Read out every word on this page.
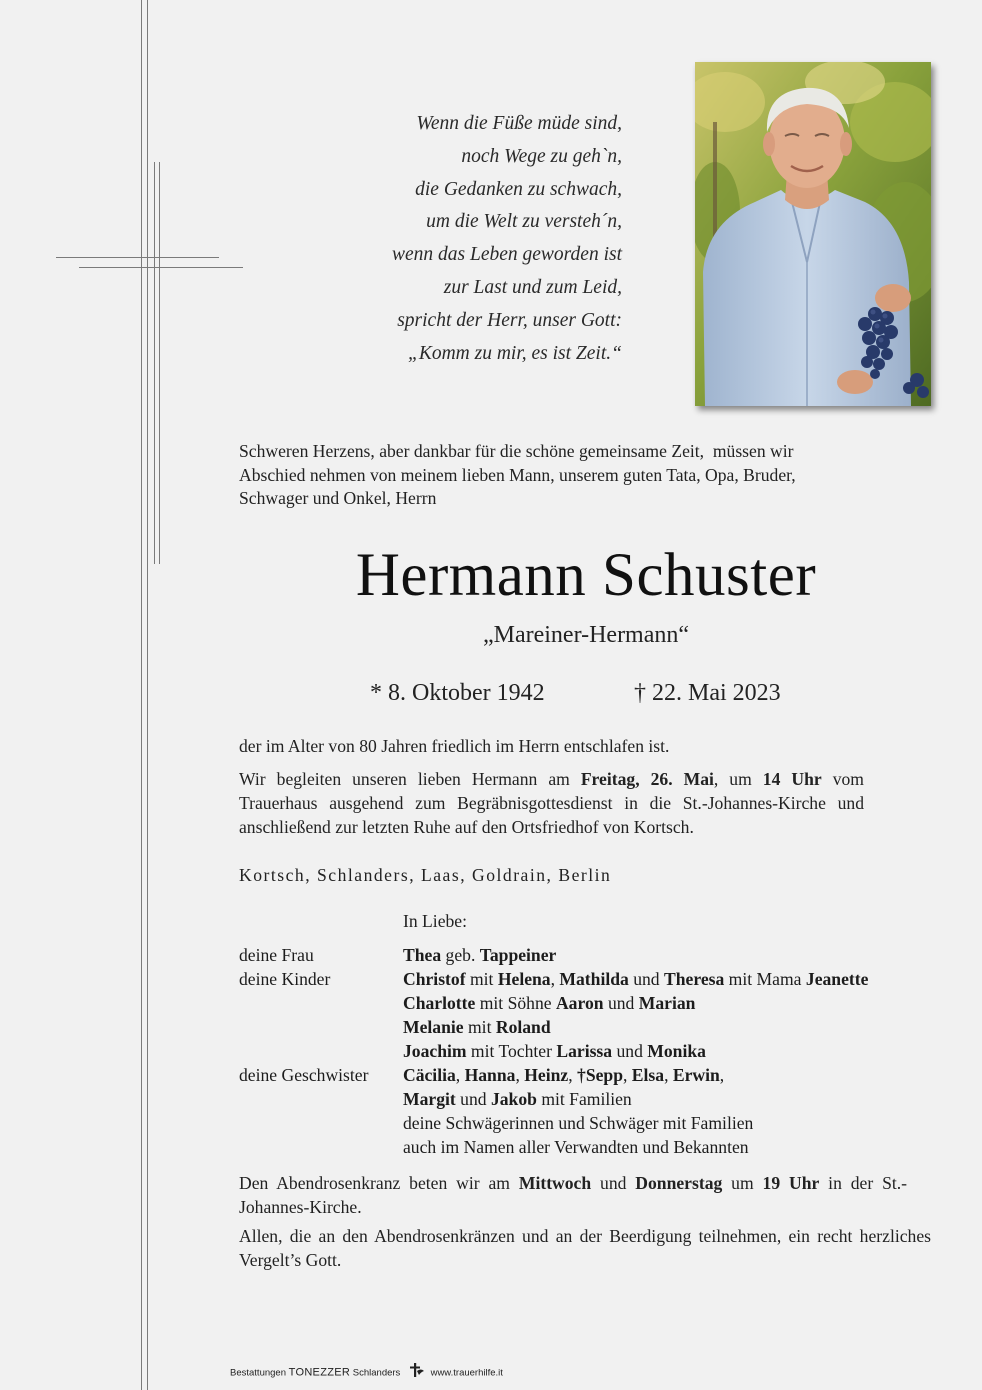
Wenn die Füße müde sind,
noch Wege zu geh`n,
die Gedanken zu schwach,
um die Welt zu versteh´n,
wenn das Leben geworden ist
zur Last und zum Leid,
spricht der Herr, unser Gott:
„Komm zu mir, es ist Zeit.“
Schweren Herzens, aber dankbar für die schöne gemeinsame Zeit,  müssen wir
Abschied nehmen von meinem lieben Mann, unserem guten Tata, Opa, Bruder,
Schwager und Onkel, Herrn
Hermann Schuster
„Mareiner-Hermann“
* 8. Oktober 1942	† 22. Mai 2023
der im Alter von 80 Jahren friedlich im Herrn entschlafen ist.
Wir begleiten unseren lieben Hermann am Freitag, 26. Mai, um 14 Uhr vom Trauerhaus ausgehend zum Begräbnisgottesdienst in die St.-Johannes-Kirche und anschließend zur letzten Ruhe auf den Ortsfriedhof von Kortsch.
Kortsch, Schlanders, Laas, Goldrain, Berlin
In Liebe:
deine Frau	Thea geb. Tappeiner
deine Kinder	Christof mit Helena, Mathilda und Theresa mit Mama Jeanette
Charlotte mit Söhne Aaron und Marian
Melanie mit Roland
Joachim mit Tochter Larissa und Monika
deine Geschwister Cäcilia, Hanna, Heinz, †Sepp, Elsa, Erwin,
Margit und Jakob mit Familien
deine Schwägerinnen und Schwäger mit Familien
auch im Namen aller Verwandten und Bekannten
Den Abendrosenkranz beten wir am Mittwoch und Donnerstag um 19 Uhr in der St.-Johannes-Kirche.
Allen, die an den Abendrosenkränzen und an der Beerdigung teilnehmen, ein recht herzliches Vergelt’s Gott.
Bestattungen TONEZZER Schlanders	www.trauerhilfe.it
